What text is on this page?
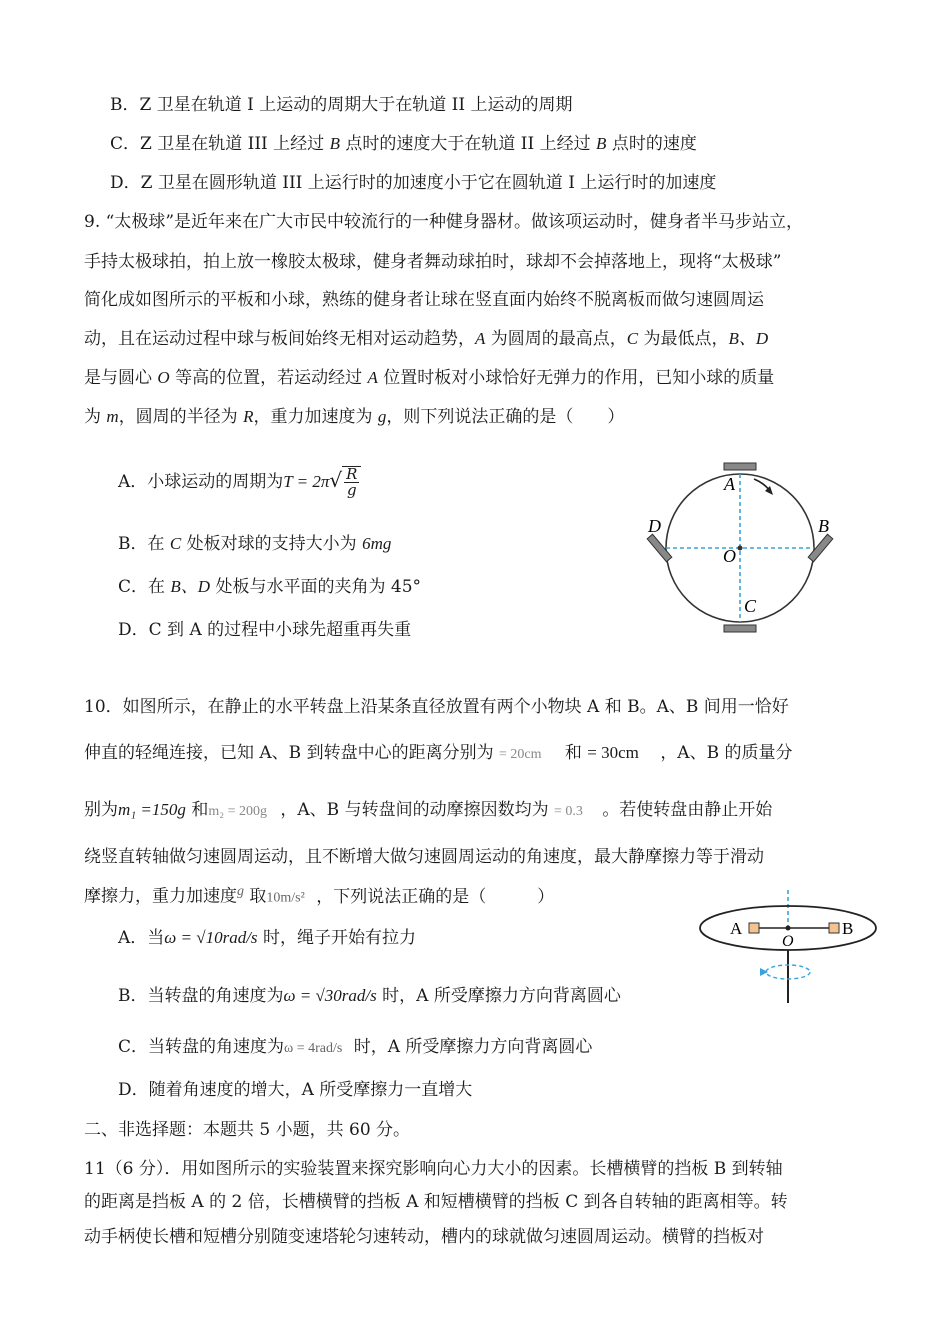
B．Z 卫星在轨道 I 上运动的周期大于在轨道 II 上运动的周期
C．Z 卫星在轨道 III 上经过 B 点时的速度大于在轨道 II 上经过 B 点时的速度
D．Z 卫星在圆形轨道 III 上运行时的加速度小于它在圆轨道 I 上运行时的加速度
9. “太极球”是近年来在广大市民中较流行的一种健身器材。做该项运动时，健身者半马步站立，
手持太极球拍，拍上放一橡胶太极球，健身者舞动球拍时，球却不会掉落地上，现将“太极球”
简化成如图所示的平板和小球，熟练的健身者让球在竖直面内始终不脱离板而做匀速圆周运
动，且在运动过程中球与板间始终无相对运动趋势，A 为圆周的最高点，C 为最低点，B、D
是与圆心 O 等高的位置，若运动经过 A 位置时板对小球恰好无弹力的作用，已知小球的质量
为 m，圆周的半径为 R，重力加速度为 g，则下列说法正确的是（　　）
A．小球运动的周期为$T = 2\pi√ \frac{R}{g}$
B．在 C 处板对球的支持大小为 6mg
C．在 B、D 处板与水平面的夹角为 45°
D．C 到 A 的过程中小球先超重再失重
A
B
C
D
O
10．如图所示，在静止的水平转盘上沿某条直径放置有两个小物块 A 和 B。A、B 间用一恰好
伸直的轻绳连接，已知 A、B 到转盘中心的距离分别为 = 20cm 和 = 30cm ，A、B 的质量分
别为m₁ =150g 和m₂ = 200g ，A、B 与转盘间的动摩擦因数均为 = 0.3 。若使转盘由静止开始
绕竖直转轴做匀速圆周运动，且不断增大做匀速圆周运动的角速度，最大静摩擦力等于滑动
摩擦力，重力加速度$^g$ 取10m/s² ，下列说法正确的是（　　　）
A．当ω = √10rad/s 时，绳子开始有拉力
B．当转盘的角速度为ω = √30rad/s 时，A 所受摩擦力方向背离圆心
C．当转盘的角速度为ω = 4rad/s 时，A 所受摩擦力方向背离圆心
D．随着角速度的增大，A 所受摩擦力一直增大
A	B
O
二、非选择题：本题共 5 小题，共 60 分。
11（6 分）．用如图所示的实验装置来探究影响向心力大小的因素。长槽横臂的挡板 B 到转轴
的距离是挡板 A 的 2 倍，长槽横臂的挡板 A 和短槽横臂的挡板 C 到各自转轴的距离相等。转
动手柄使长槽和短槽分别随变速塔轮匀速转动，槽内的球就做匀速圆周运动。横臂的挡板对
